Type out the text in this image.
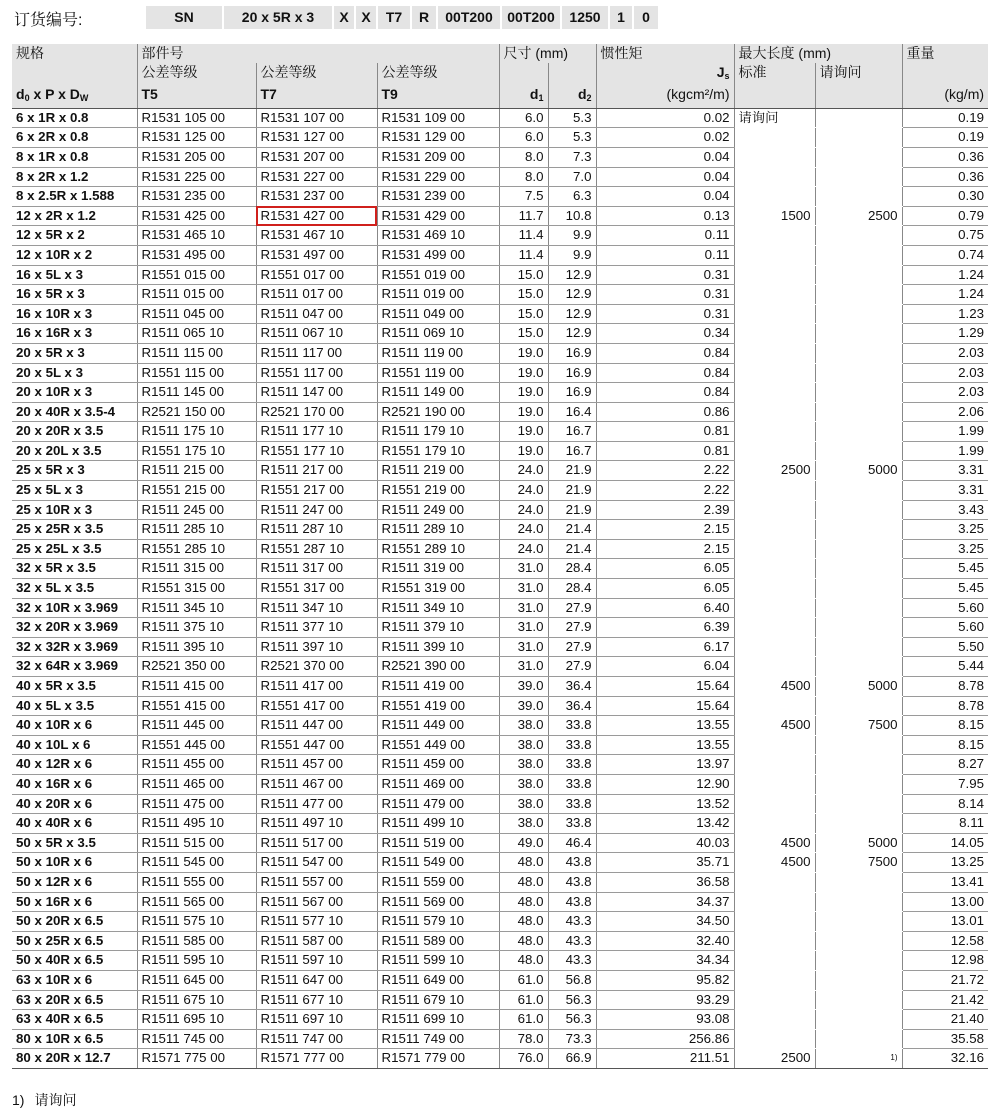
订货编号:	SN	20 x 5R x 3	X X	T7	R	00T200	00T200	1250	1	0
规格	部件号			尺寸 (mm)		惯性矩	最大长度 (mm)		重量
	公差等级	公差等级	公差等级			$J_s$	标准	请询问	
$d_0$ x P x $D_W$	T5	T7	T9	$d_1$	$d_2$	(kgcm²/m)			(kg/m)
6 x 1R x 0.8	R1531 105 00	R1531 107 00	R1531 109 00	6.0	5.3	0.02	请询问		0.19
6 x 2R x 0.8	R1531 125 00	R1531 127 00	R1531 129 00	6.0	5.3	0.02			0.19
8 x 1R x 0.8	R1531 205 00	R1531 207 00	R1531 209 00	8.0	7.3	0.04			0.36
8 x 2R x 1.2	R1531 225 00	R1531 227 00	R1531 229 00	8.0	7.0	0.04			0.36
8 x 2.5R x 1.588	R1531 235 00	R1531 237 00	R1531 239 00	7.5	6.3	0.04			0.30
12 x 2R x 1.2	R1531 425 00	R1531 427 00	R1531 429 00	11.7	10.8	0.13	1500	2500	0.79
12 x 5R x 2	R1531 465 10	R1531 467 10	R1531 469 10	11.4	9.9	0.11			0.75
12 x 10R x 2	R1531 495 00	R1531 497 00	R1531 499 00	11.4	9.9	0.11			0.74
16 x 5L x 3	R1551 015 00	R1551 017 00	R1551 019 00	15.0	12.9	0.31			1.24
16 x 5R x 3	R1511 015 00	R1511 017 00	R1511 019 00	15.0	12.9	0.31			1.24
16 x 10R x 3	R1511 045 00	R1511 047 00	R1511 049 00	15.0	12.9	0.31			1.23
16 x 16R x 3	R1511 065 10	R1511 067 10	R1511 069 10	15.0	12.9	0.34			1.29
20 x 5R x 3	R1511 115 00	R1511 117 00	R1511 119 00	19.0	16.9	0.84			2.03
20 x 5L x 3	R1551 115 00	R1551 117 00	R1551 119 00	19.0	16.9	0.84			2.03
20 x 10R x 3	R1511 145 00	R1511 147 00	R1511 149 00	19.0	16.9	0.84			2.03
20 x 40R x 3.5-4	R2521 150 00	R2521 170 00	R2521 190 00	19.0	16.4	0.86			2.06
20 x 20R x 3.5	R1511 175 10	R1511 177 10	R1511 179 10	19.0	16.7	0.81			1.99
20 x 20L x 3.5	R1551 175 10	R1551 177 10	R1551 179 10	19.0	16.7	0.81			1.99
25 x 5R x 3	R1511 215 00	R1511 217 00	R1511 219 00	24.0	21.9	2.22	2500	5000	3.31
25 x 5L x 3	R1551 215 00	R1551 217 00	R1551 219 00	24.0	21.9	2.22			3.31
25 x 10R x 3	R1511 245 00	R1511 247 00	R1511 249 00	24.0	21.9	2.39			3.43
25 x 25R x 3.5	R1511 285 10	R1511 287 10	R1511 289 10	24.0	21.4	2.15			3.25
25 x 25L x 3.5	R1551 285 10	R1551 287 10	R1551 289 10	24.0	21.4	2.15			3.25
32 x 5R x 3.5	R1511 315 00	R1511 317 00	R1511 319 00	31.0	28.4	6.05			5.45
32 x 5L x 3.5	R1551 315 00	R1551 317 00	R1551 319 00	31.0	28.4	6.05			5.45
32 x 10R x 3.969	R1511 345 10	R1511 347 10	R1511 349 10	31.0	27.9	6.40			5.60
32 x 20R x 3.969	R1511 375 10	R1511 377 10	R1511 379 10	31.0	27.9	6.39			5.60
32 x 32R x 3.969	R1511 395 10	R1511 397 10	R1511 399 10	31.0	27.9	6.17			5.50
32 x 64R x 3.969	R2521 350 00	R2521 370 00	R2521 390 00	31.0	27.9	6.04			5.44
40 x 5R x 3.5	R1511 415 00	R1511 417 00	R1511 419 00	39.0	36.4	15.64	4500	5000	8.78
40 x 5L x 3.5	R1551 415 00	R1551 417 00	R1551 419 00	39.0	36.4	15.64			8.78
40 x 10R x 6	R1511 445 00	R1511 447 00	R1511 449 00	38.0	33.8	13.55	4500	7500	8.15
40 x 10L x 6	R1551 445 00	R1551 447 00	R1551 449 00	38.0	33.8	13.55			8.15
40 x 12R x 6	R1511 455 00	R1511 457 00	R1511 459 00	38.0	33.8	13.97			8.27
40 x 16R x 6	R1511 465 00	R1511 467 00	R1511 469 00	38.0	33.8	12.90			7.95
40 x 20R x 6	R1511 475 00	R1511 477 00	R1511 479 00	38.0	33.8	13.52			8.14
40 x 40R x 6	R1511 495 10	R1511 497 10	R1511 499 10	38.0	33.8	13.42			8.11
50 x 5R x 3.5	R1511 515 00	R1511 517 00	R1511 519 00	49.0	46.4	40.03	4500	5000	14.05
50 x 10R x 6	R1511 545 00	R1511 547 00	R1511 549 00	48.0	43.8	35.71	4500	7500	13.25
50 x 12R x 6	R1511 555 00	R1511 557 00	R1511 559 00	48.0	43.8	36.58			13.41
50 x 16R x 6	R1511 565 00	R1511 567 00	R1511 569 00	48.0	43.8	34.37			13.00
50 x 20R x 6.5	R1511 575 10	R1511 577 10	R1511 579 10	48.0	43.3	34.50			13.01
50 x 25R x 6.5	R1511 585 00	R1511 587 00	R1511 589 00	48.0	43.3	32.40			12.58
50 x 40R x 6.5	R1511 595 10	R1511 597 10	R1511 599 10	48.0	43.3	34.34			12.98
63 x 10R x 6	R1511 645 00	R1511 647 00	R1511 649 00	61.0	56.8	95.82			21.72
63 x 20R x 6.5	R1511 675 10	R1511 677 10	R1511 679 10	61.0	56.3	93.29			21.42
63 x 40R x 6.5	R1511 695 10	R1511 697 10	R1511 699 10	61.0	56.3	93.08			21.40
80 x 10R x 6.5	R1511 745 00	R1511 747 00	R1511 749 00	78.0	73.3	256.86			35.58
80 x 20R x 12.7	R1571 775 00	R1571 777 00	R1571 779 00	76.0	66.9	211.51	2500	1)	32.16
1) 请询问
